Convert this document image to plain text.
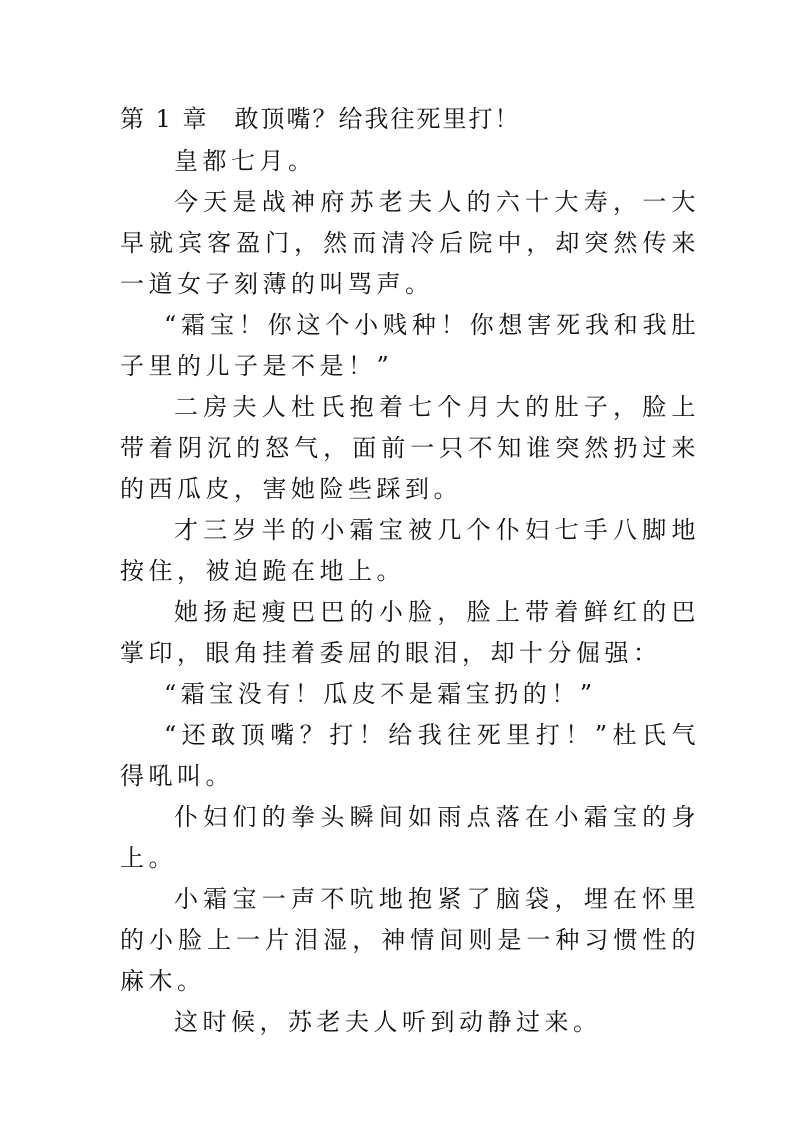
第 1 章　敢顶嘴？给我往死里打！

皇都七月。

今天是战神府苏老夫人的六十大寿，一大早就宾客盈门，然而清冷后院中，却突然传来一道女子刻薄的叫骂声。

“霜宝！你这个小贱种！你想害死我和我肚子里的儿子是不是！”

二房夫人杜氏抱着七个月大的肚子，脸上带着阴沉的怒气，面前一只不知谁突然扔过来的西瓜皮，害她险些踩到。

才三岁半的小霜宝被几个仆妇七手八脚地按住，被迫跪在地上。

她扬起瘦巴巴的小脸，脸上带着鲜红的巴掌印，眼角挂着委屈的眼泪，却十分倔强：

“霜宝没有！瓜皮不是霜宝扔的！”

“还敢顶嘴？打！给我往死里打！”杜氏气得吼叫。

仆妇们的拳头瞬间如雨点落在小霜宝的身上。

小霜宝一声不吭地抱紧了脑袋，埋在怀里的小脸上一片泪湿，神情间则是一种习惯性的麻木。

这时候，苏老夫人听到动静过来。
